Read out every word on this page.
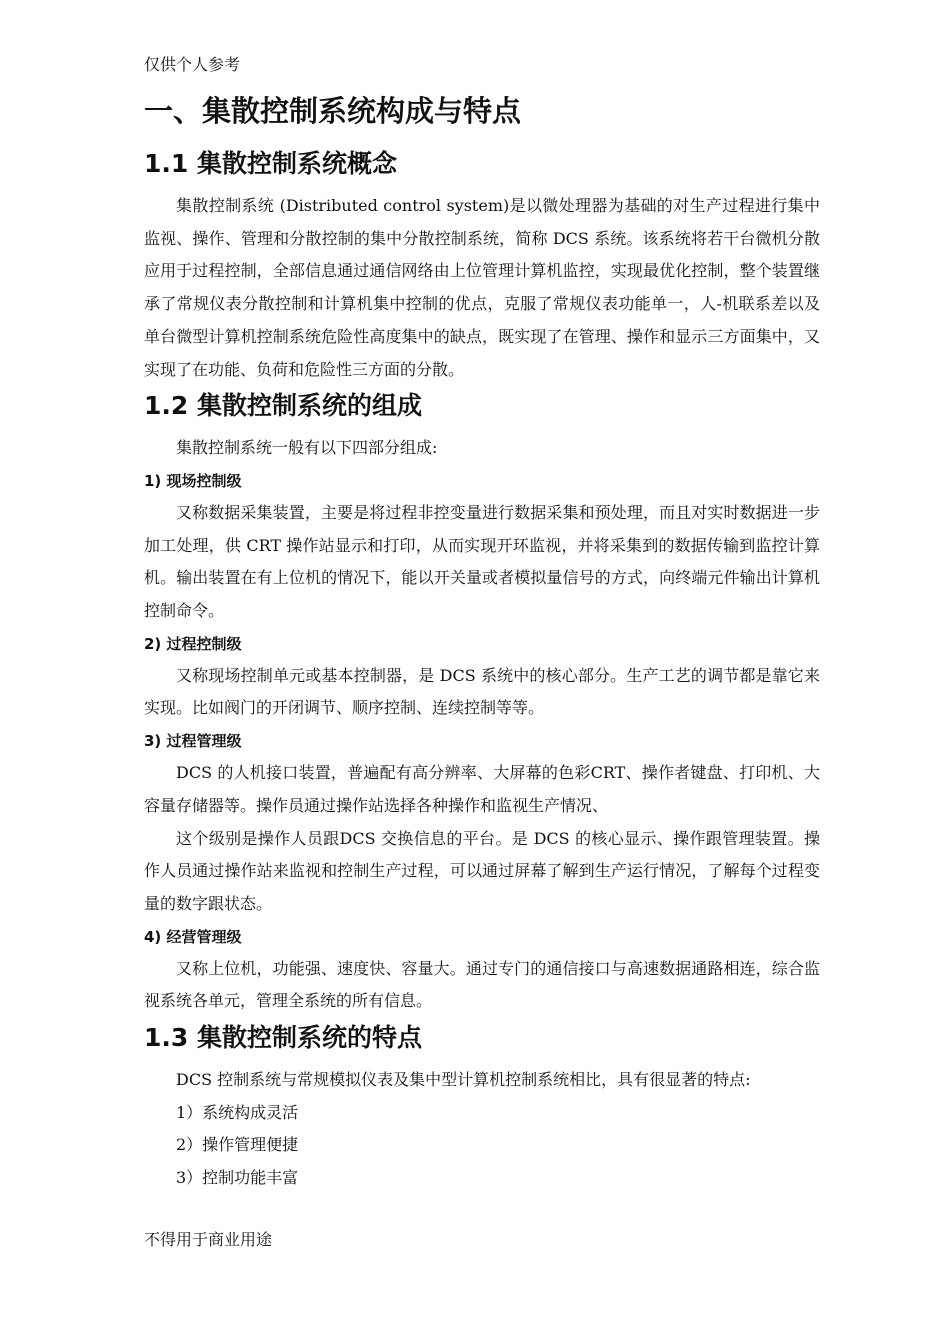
仅供个人参考
一、集散控制系统构成与特点
1.1 集散控制系统概念

集散控制系统 (Distributed control system)是以微处理器为基础的对生产过程进行集中监视、操作、管理和分散控制的集中分散控制系统，简称 DCS 系统。该系统将若干台微机分散应用于过程控制，全部信息通过通信网络由上位管理计算机监控，实现最优化控制，整个装置继承了常规仪表分散控制和计算机集中控制的优点，克服了常规仪表功能单一，人-机联系差以及单台微型计算机控制系统危险性高度集中的缺点，既实现了在管理、操作和显示三方面集中，又实现了在功能、负荷和危险性三方面的分散。

1.2 集散控制系统的组成

集散控制系统一般有以下四部分组成:

1) 现场控制级

又称数据采集装置，主要是将过程非控变量进行数据采集和预处理，而且对实时数据进一步加工处理，供 CRT 操作站显示和打印，从而实现开环监视，并将采集到的数据传输到监控计算机。输出装置在有上位机的情况下，能以开关量或者模拟量信号的方式，向终端元件输出计算机控制命令。

2) 过程控制级

又称现场控制单元或基本控制器，是 DCS 系统中的核心部分。生产工艺的调节都是靠它来实现。比如阀门的开闭调节、顺序控制、连续控制等等。

3) 过程管理级

DCS 的人机接口装置，普遍配有高分辨率、大屏幕的色彩CRT、操作者键盘、打印机、大容量存储器等。操作员通过操作站选择各种操作和监视生产情况、

这个级别是操作人员跟DCS 交换信息的平台。是 DCS 的核心显示、操作跟管理装置。操作人员通过操作站来监视和控制生产过程，可以通过屏幕了解到生产运行情况，了解每个过程变量的数字跟状态。

4) 经营管理级

又称上位机，功能强、速度快、容量大。通过专门的通信接口与高速数据通路相连，综合监视系统各单元，管理全系统的所有信息。

1.3 集散控制系统的特点

DCS 控制系统与常规模拟仪表及集中型计算机控制系统相比，具有很显著的特点:

1）系统构成灵活
2）操作管理便捷
3）控制功能丰富
不得用于商业用途
